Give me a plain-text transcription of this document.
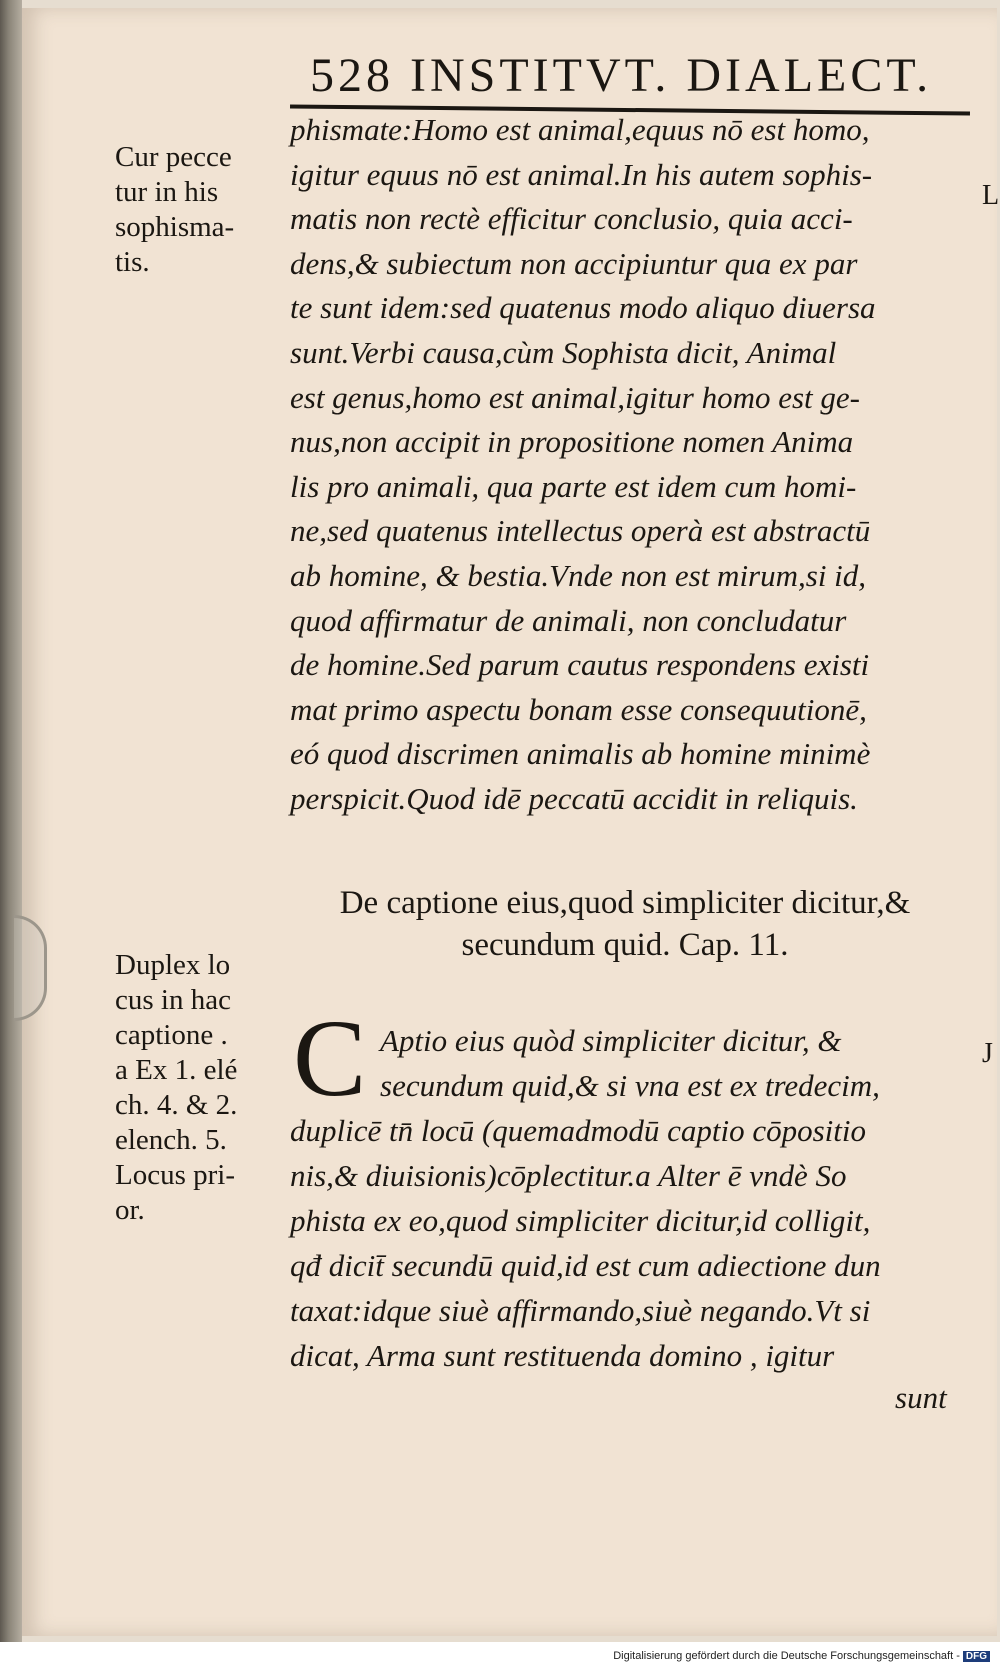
528 INSTITVT. DIALECT.
Cur pecce
tur in his
sophisma-
tis.
Duplex lo
cus in hac
captione .
a Ex 1. elé
ch. 4. & 2.
elench. 5.
Locus pri-
or.
phismate:Homo est animal,equus nō est homo,
igitur equus nō est animal.In his autem sophis-
matis non rectè efficitur conclusio, quia acci-
dens,& subiectum non accipiuntur qua ex par
te sunt idem:sed quatenus modo aliquo diuersa
sunt.Verbi causa,cùm Sophista dicit, Animal
est genus,homo est animal,igitur homo est ge-
nus,non accipit in propositione nomen Anima
lis pro animali, qua parte est idem cum homi-
ne,sed quatenus intellectus operà est abstractū
ab homine, & bestia.Vnde non est mirum,si id,
quod affirmatur de animali, non concludatur
de homine.Sed parum cautus respondens existi
mat primo aspectu bonam esse consequutionē,
eó quod discrimen animalis ab homine minimè
perspicit.Quod idē peccatū accidit in reliquis.
De captione eius,quod simpliciter dicitur,&
secundum quid. Cap. 11.
C Aptio eius quòd simpliciter dicitur, &
secundum quid,& si vna est ex tredecim,
duplicē tn̄ locū (quemadmodū captio cōpositio
nis,& diuisionis)cōplectitur.a Alter ē vndè So
phista ex eo,quod simpliciter dicitur,id colligit,
qđ dicit̄ secundū quid,id est cum adiectione dun
taxat:idque siuè affirmando,siuè negando.Vt si
dicat, Arma sunt restituenda domino , igitur
sunt
L
J
Digitalisierung gefördert durch die Deutsche Forschungsgemeinschaft - DFG
